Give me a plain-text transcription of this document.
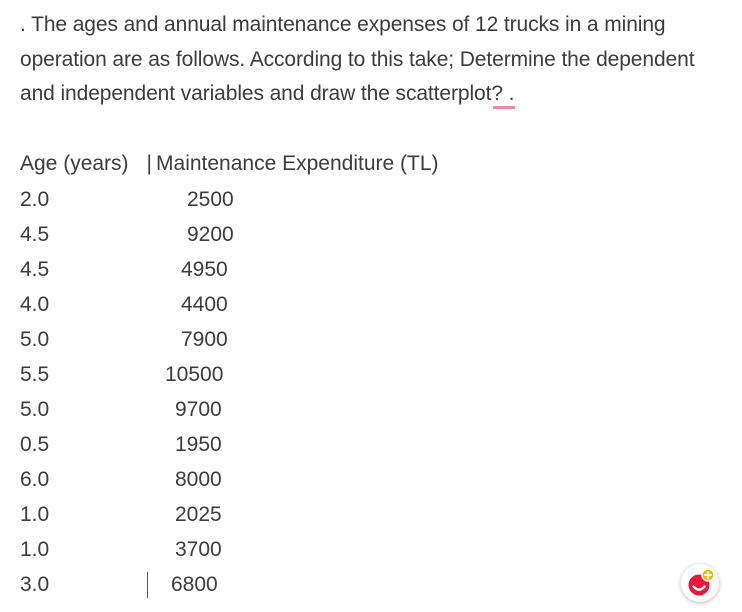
. The ages and annual maintenance expenses of 12 trucks in a mining operation are as follows. According to this take; Determine the dependent and independent variables and draw the scatterplot? .
Age (years) | Maintenance Expenditure (TL)
2.0	2500
4.5	9200
4.5	4950
4.0	4400
5.0	7900
5.5	10500
5.0	9700
0.5	1950
6.0	8000
1.0	2025
1.0	3700
3.0	6800
